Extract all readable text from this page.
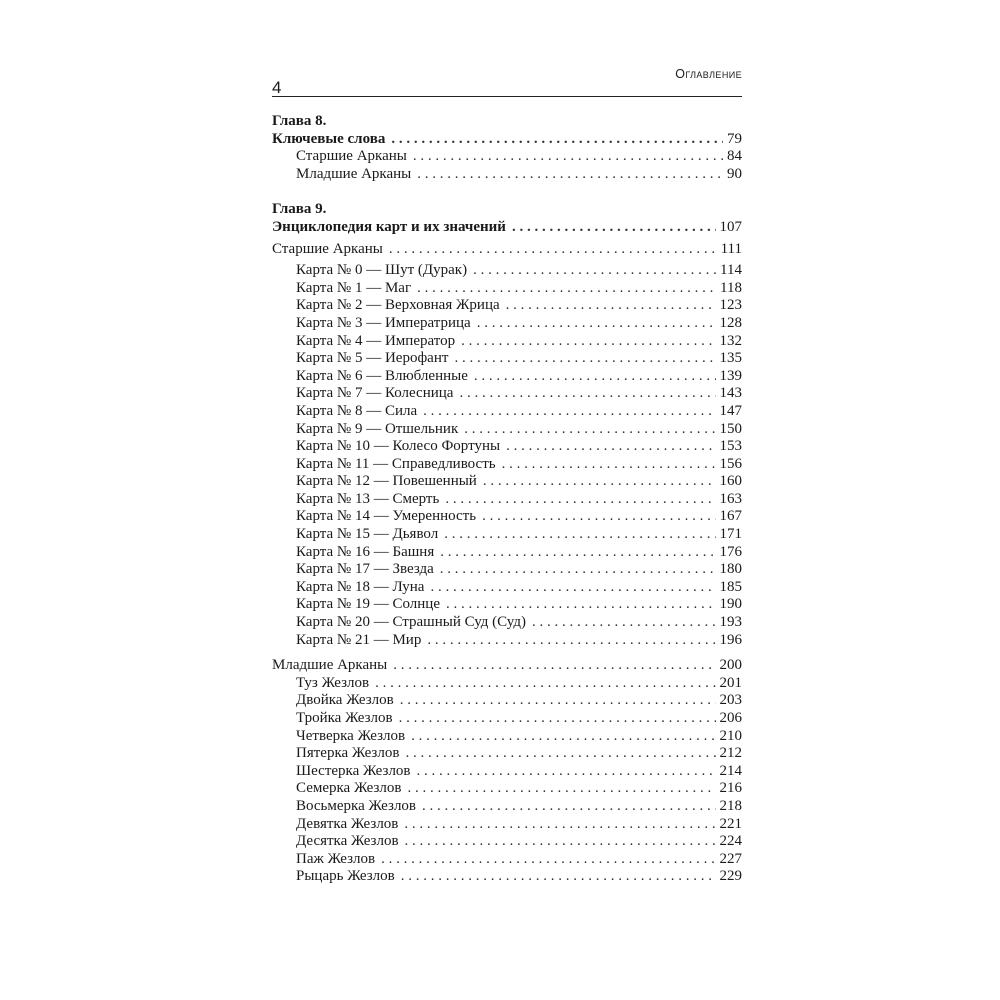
4
Оглавление
Глава 8.
Ключевые слова . . .	79
Старшие Арканы . . .	84
Младшие Арканы . . .	90
Глава 9.
Энциклопедия карт и их значений . . .	107
Старшие Арканы . . .	111
Карта № 0 — Шут (Дурак) . . .	114
Карта № 1 — Маг . . .	118
Карта № 2 — Верховная Жрица . . .	123
Карта № 3 — Императрица . . .	128
Карта № 4 — Император . . .	132
Карта № 5 — Иерофант . . .	135
Карта № 6 — Влюбленные . . .	139
Карта № 7 — Колесница . . .	143
Карта № 8 — Сила . . .	147
Карта № 9 — Отшельник . . .	150
Карта № 10 — Колесо Фортуны . . .	153
Карта № 11 — Справедливость . . .	156
Карта № 12 — Повешенный . . .	160
Карта № 13 — Смерть . . .	163
Карта № 14 — Умеренность . . .	167
Карта № 15 — Дьявол . . .	171
Карта № 16 — Башня . . .	176
Карта № 17 — Звезда . . .	180
Карта № 18 — Луна . . .	185
Карта № 19 — Солнце . . .	190
Карта № 20 — Страшный Суд (Суд) . . .	193
Карта № 21 — Мир . . .	196
Младшие Арканы . . .	200
Туз Жезлов . . .	201
Двойка Жезлов . . .	203
Тройка Жезлов . . .	206
Четверка Жезлов . . .	210
Пятерка Жезлов . . .	212
Шестерка Жезлов . . .	214
Семерка Жезлов . . .	216
Восьмерка Жезлов . . .	218
Девятка Жезлов . . .	221
Десятка Жезлов . . .	224
Паж Жезлов . . .	227
Рыцарь Жезлов . . .	229
